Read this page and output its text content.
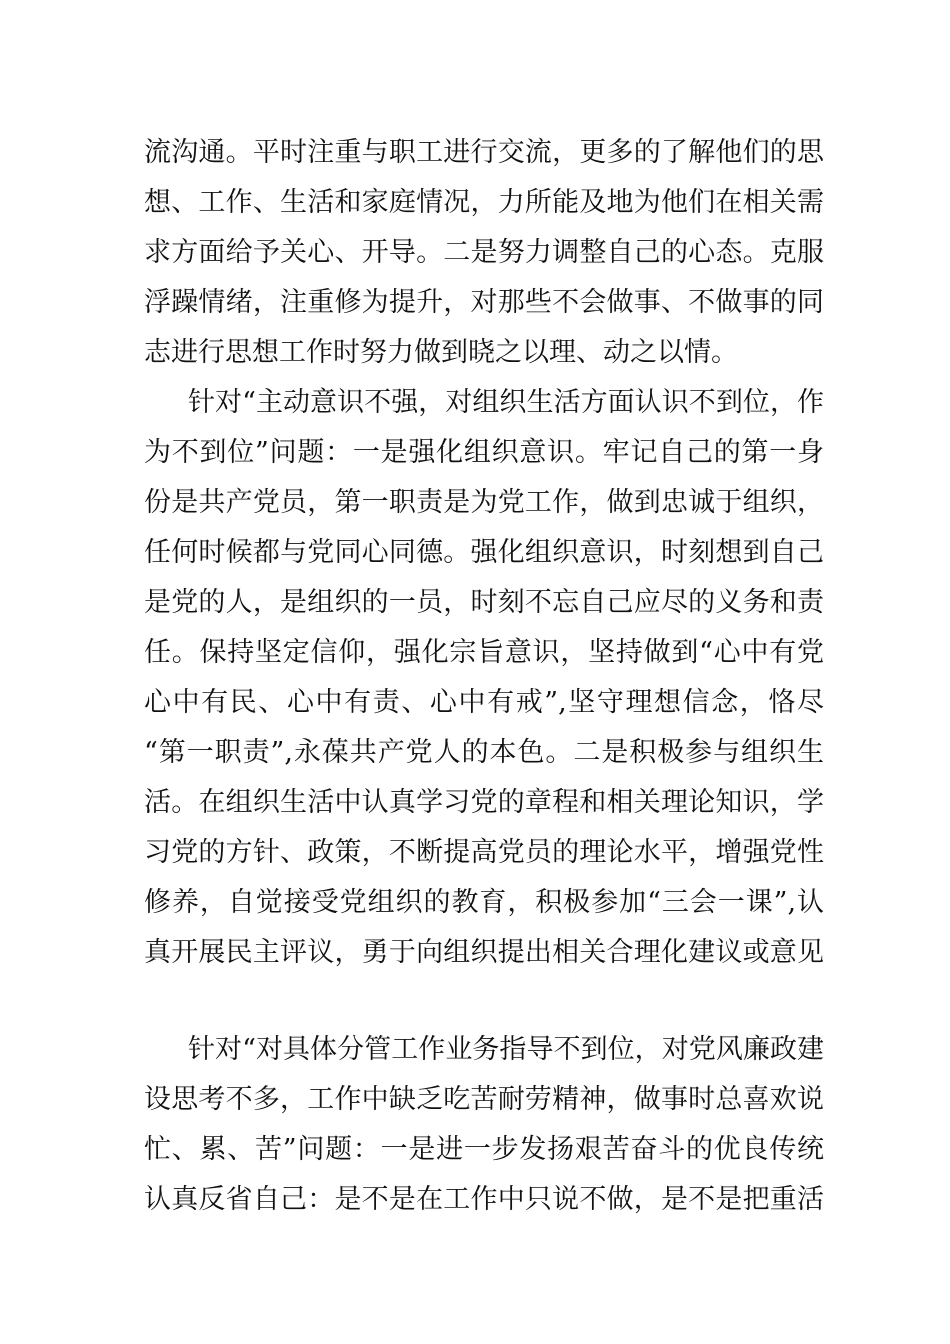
流沟通。平时注重与职工进行交流，更多的了解他们的思
想、工作、生活和家庭情况，力所能及地为他们在相关需
求方面给予关心、开导。二是努力调整自己的心态。克服
浮躁情绪，注重修为提升，对那些不会做事、不做事的同
志进行思想工作时努力做到晓之以理、动之以情。
针对“主动意识不强，对组织生活方面认识不到位，作
为不到位”问题：一是强化组织意识。牢记自己的第一身
份是共产党员，第一职责是为党工作，做到忠诚于组织，
任何时候都与党同心同德。强化组织意识，时刻想到自己
是党的人，是组织的一员，时刻不忘自己应尽的义务和责
任。保持坚定信仰，强化宗旨意识，坚持做到“心中有党
心中有民、心中有责、心中有戒”,坚守理想信念，恪尽
“第一职责”,永葆共产党人的本色。二是积极参与组织生
活。在组织生活中认真学习党的章程和相关理论知识，学
习党的方针、政策，不断提高党员的理论水平，增强党性
修养，自觉接受党组织的教育，积极参加“三会一课”,认
真开展民主评议，勇于向组织提出相关合理化建议或意见
针对“对具体分管工作业务指导不到位，对党风廉政建
设思考不多，工作中缺乏吃苦耐劳精神，做事时总喜欢说
忙、累、苦”问题：一是进一步发扬艰苦奋斗的优良传统
认真反省自己：是不是在工作中只说不做，是不是把重活
